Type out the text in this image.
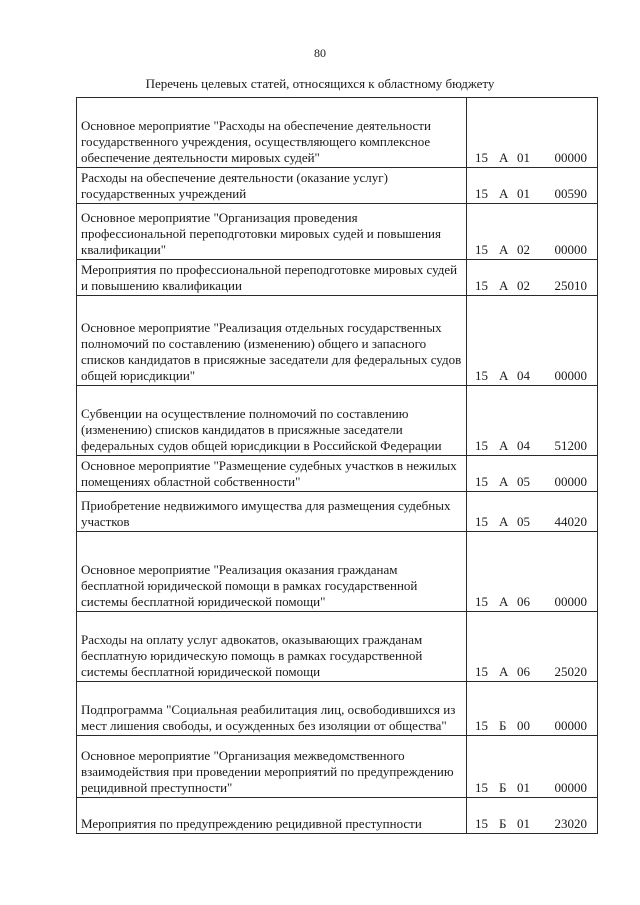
80
Перечень целевых статей, относящихся к областному бюджету
Основное мероприятие "Расходы на обеспечение деятельности государственного учреждения, осуществляющего комплексное обеспечение деятельности мировых судей"	15 А 01 00000

Расходы на обеспечение деятельности (оказание услуг) государственных учреждений	15 А 01 00590

Основное мероприятие "Организация проведения профессиональной переподготовки мировых судей и повышения квалификации"	15 А 02 00000

Мероприятия по профессиональной переподготовке мировых судей и повышению квалификации	15 А 02 25010

Основное мероприятие "Реализация отдельных государственных полномочий по составлению (изменению) общего и запасного списков кандидатов в присяжные заседатели для федеральных судов общей юрисдикции"	15 А 04 00000

Субвенции на осуществление полномочий по составлению (изменению) списков кандидатов в присяжные заседатели федеральных судов общей юрисдикции в Российской Федерации	15 А 04 51200

Основное мероприятие "Размещение судебных участков в нежилых помещениях областной собственности"	15 А 05 00000

Приобретение недвижимого имущества для размещения судебных участков	15 А 05 44020

Основное мероприятие "Реализация оказания гражданам бесплатной юридической помощи в рамках государственной системы бесплатной юридической помощи"	15 А 06 00000

Расходы на оплату услуг адвокатов, оказывающих гражданам бесплатную юридическую помощь в рамках государственной системы бесплатной юридической помощи	15 А 06 25020

Подпрограмма "Социальная реабилитация лиц, освободившихся из мест лишения свободы, и осужденных без изоляции от общества"	15 Б 00 00000

Основное мероприятие "Организация межведомственного взаимодействия при проведении мероприятий по предупреждению рецидивной преступности"	15 Б 01 00000

Мероприятия по предупреждению рецидивной преступности	15 Б 01 23020
